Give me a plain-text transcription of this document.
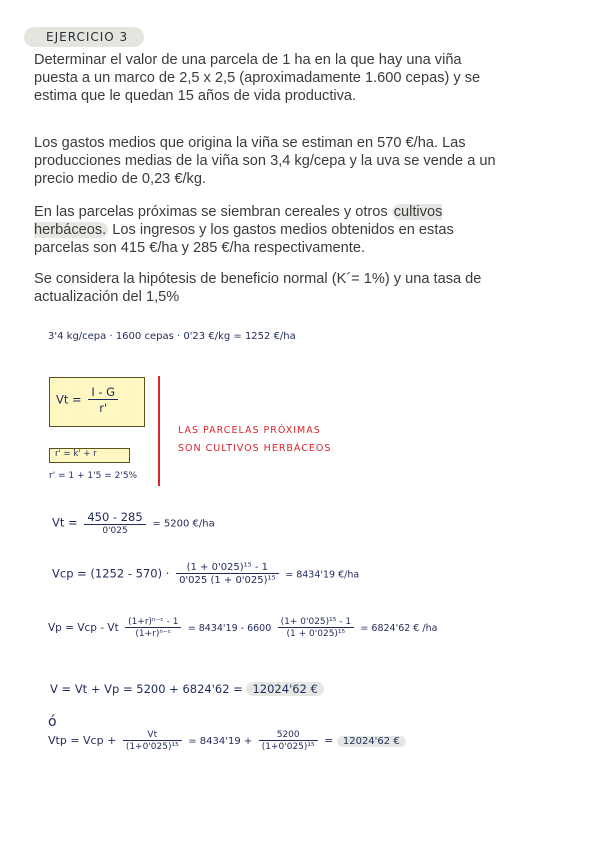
EJERCICIO 3

Determinar el valor de una parcela de 1 ha en la que hay una viña puesta a un marco de 2,5 x 2,5 (aproximadamente 1.600 cepas) y se estima que le quedan 15 años de vida productiva.

Los gastos medios que origina la viña se estiman en 570 €/ha. Las producciones medias de la viña son 3,4 kg/cepa y la uva se vende a un precio medio de 0,23 €/kg.

En las parcelas próximas se siembran cereales y otros cultivos herbáceos. Los ingresos y los gastos medios obtenidos en estas parcelas son 415 €/ha y 285 €/ha respectivamente.

Se considera la hipótesis de beneficio normal (K´= 1%) y una tasa de actualización del 1,5%

3'4 kg/cepa · 1600 cepas · 0'23 €/kg = 1252 €/ha
$Vt = \frac{I - G}{r'}$
r' = k' + r
r' = 1 + 1'5 = 2'5%
LAS PARCELAS PRÓXIMAS
SON CULTIVOS HERBÁCEOS
$Vt = \frac{450 - 285}{0'025} = 5200$ €/ha
Vcp = $(1252 - 570) \cdot \frac{\text{(1 + 0'025)¹⁵ - 1}}{\text{0'025 (1 + 0'025)¹⁵}} = 8434'19$ €/ha
Vp = Vcp - Vt $\frac{\text{(1+r)ⁿ⁻ᶜ - 1}}{\text{(1+r)ⁿ⁻ᶜ}} = 8434'19 - 6600 \frac{\text{(1+ 0'025)¹⁵ - 1}}{\text{(1 + 0'025)¹⁵}} = 6824'62$ € /ha
V = Vt + Vp = 5200 + 6824'62 = 12024'62 €
ó
Vtp = Vcp + $\frac{Vt}{\text{(1+0'025)¹⁵}} = 8434'19 + \frac{5200}{\text{(1+0'025)¹⁵}} = 12024'62$ €
